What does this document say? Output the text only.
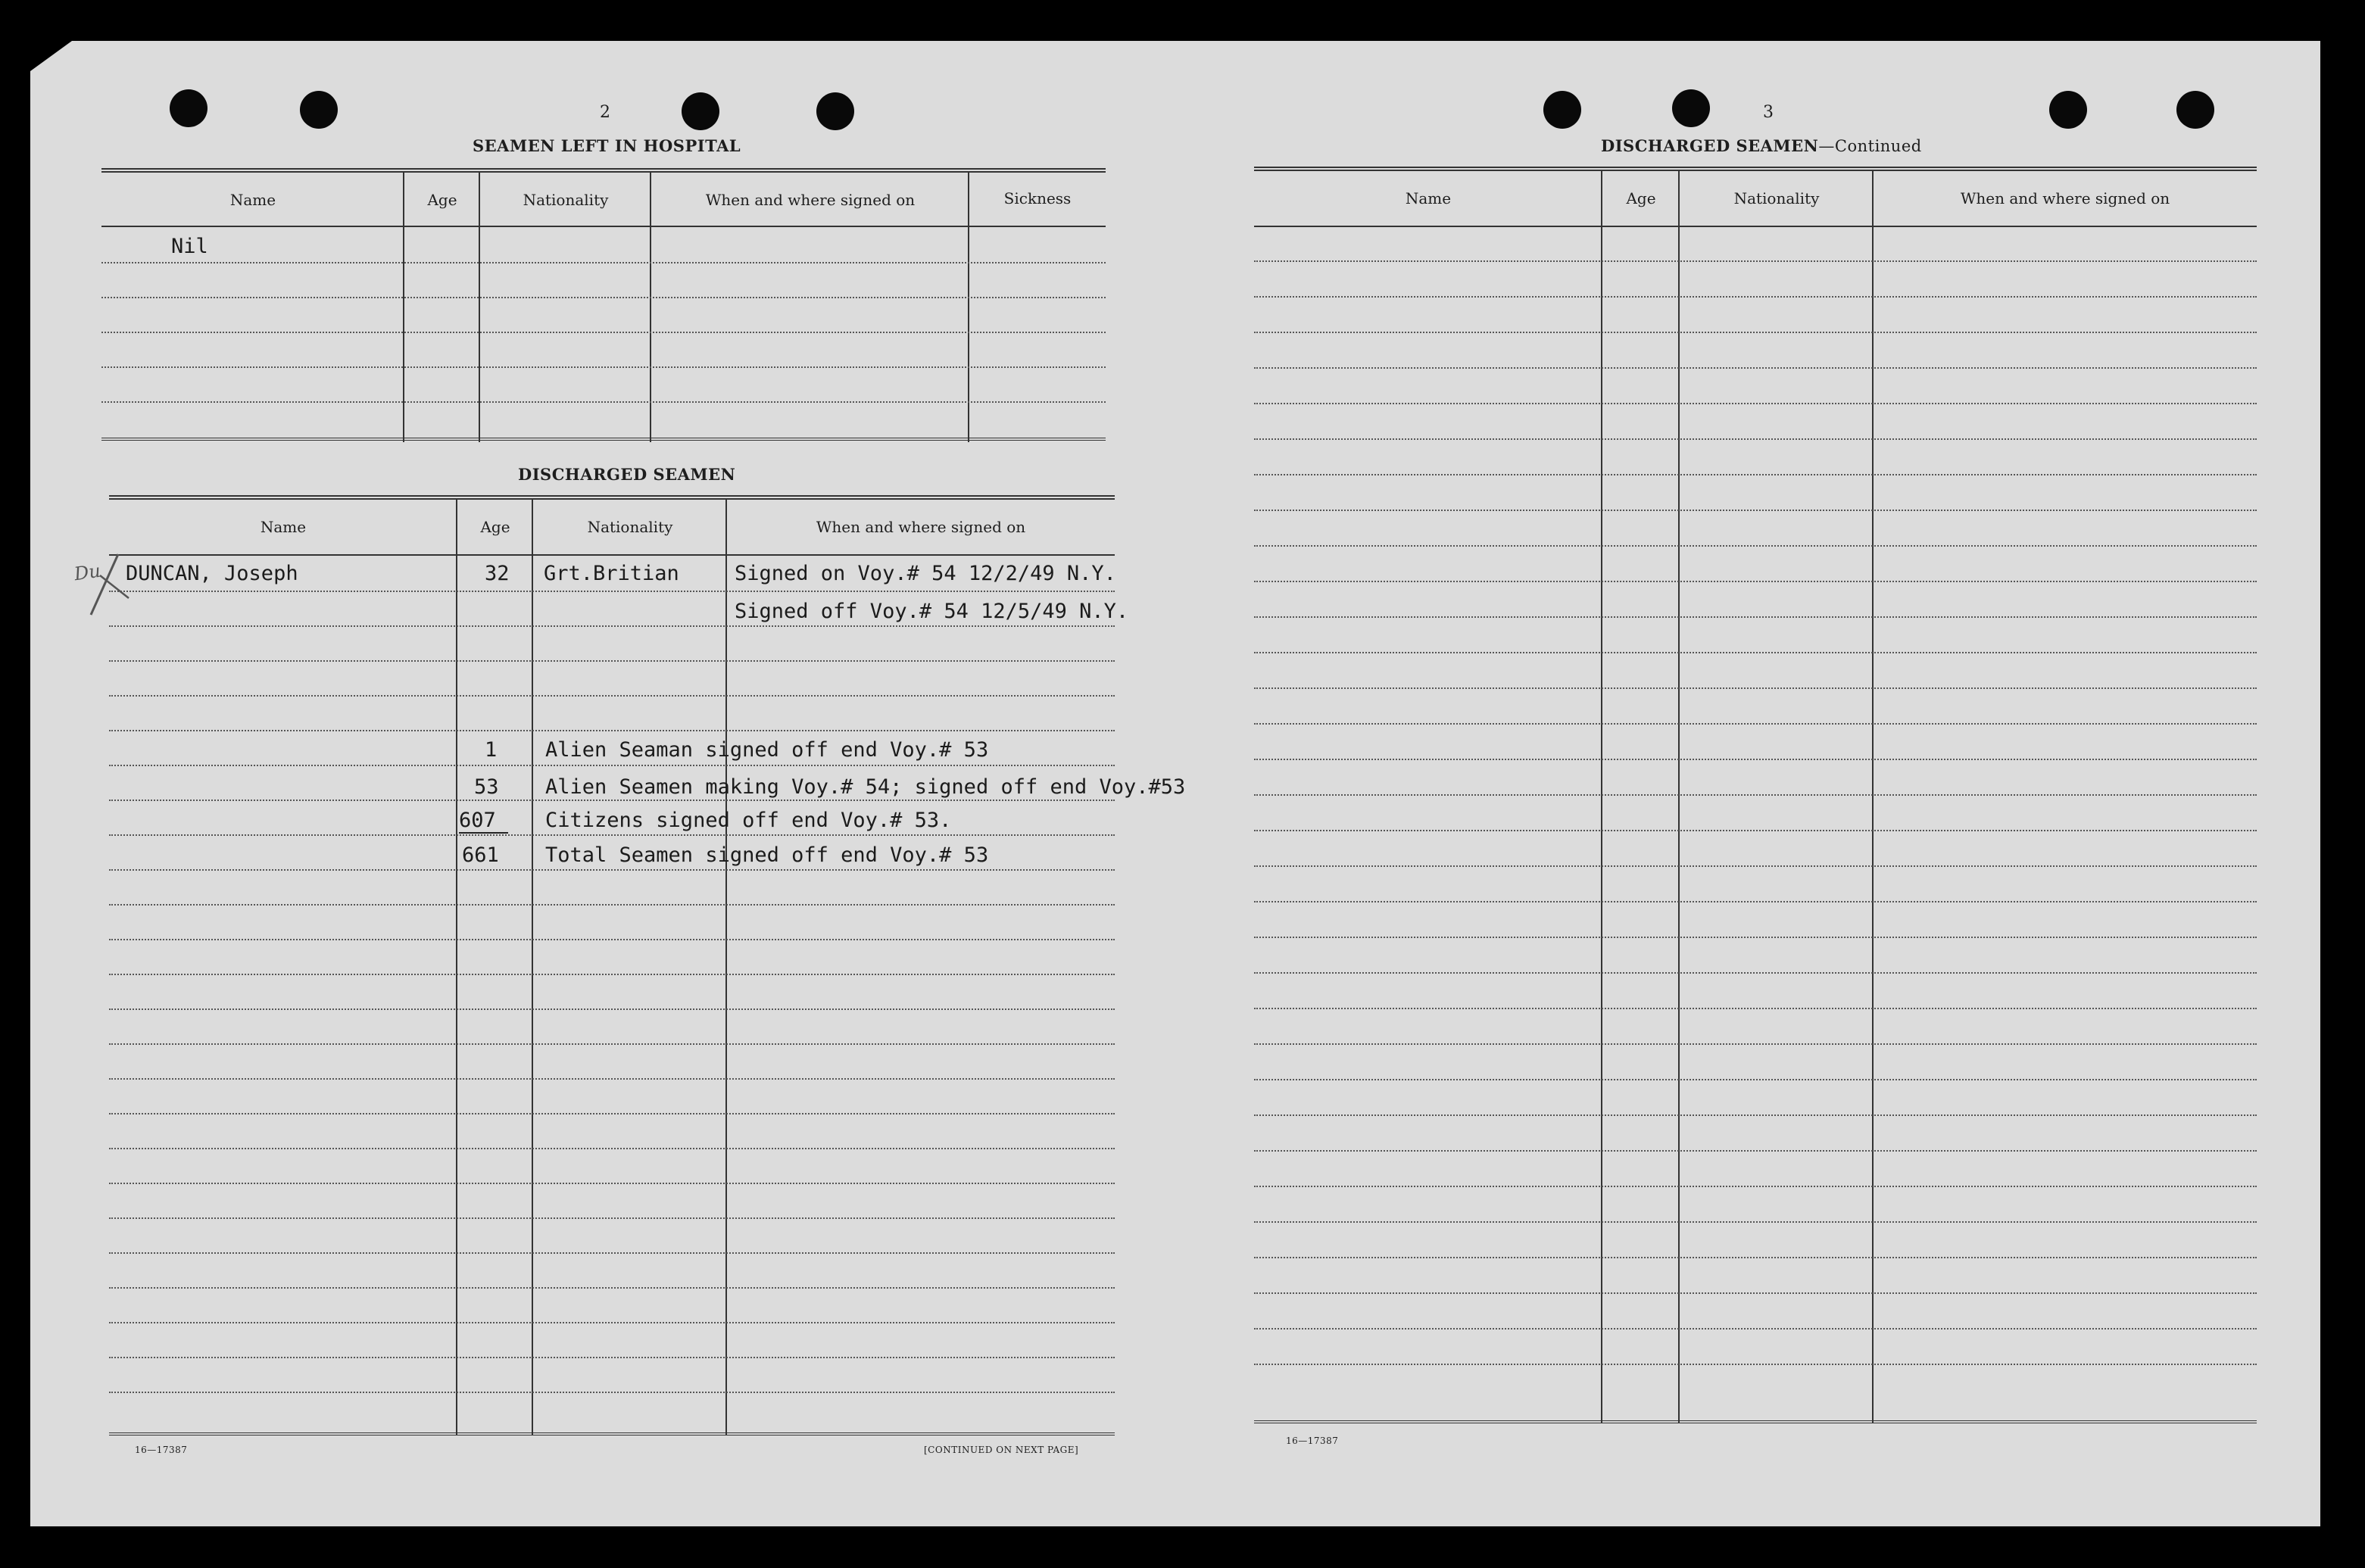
2
SEAMEN LEFT IN HOSPITAL
Name	Age	Nationality	When and where signed on	Sickness
Nil
DISCHARGED SEAMEN
Name	Age	Nationality	When and where signed on
Du DUNCAN, Joseph	32 Grt.Britian	Signed on Voy.# 54 12/2/49 N.Y.
Signed off Voy.# 54 12/5/49 N.Y.
1 Alien Seaman signed off end Voy.# 53
53 Alien Seamen making Voy.# 54; signed off end Voy.#53
607	Citizens signed off end Voy.# 53.
661 Total Seamen signed off end Voy.# 53
16—17387	[CONTINUED ON NEXT PAGE]
3
DISCHARGED SEAMEN—Continued
Name	Age	Nationality	When and where signed on
16—17387
